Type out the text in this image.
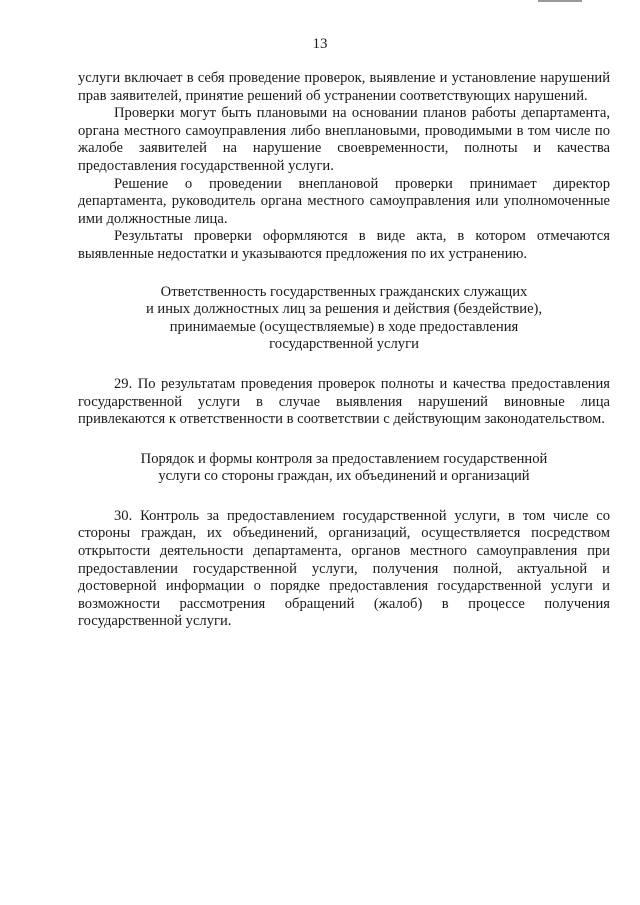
13

услуги включает в себя проведение проверок, выявление и установление нарушений прав заявителей, принятие решений об устранении соответствующих нарушений.

Проверки могут быть плановыми на основании планов работы департамента, органа местного самоуправления либо внеплановыми, проводимыми в том числе по жалобе заявителей на нарушение своевременности, полноты и качества предоставления государственной услуги.

Решение о проведении внеплановой проверки принимает директор департамента, руководитель органа местного самоуправления или уполномоченные ими должностные лица.

Результаты проверки оформляются в виде акта, в котором отмечаются выявленные недостатки и указываются предложения по их устранению.

Ответственность государственных гражданских служащих

и иных должностных лиц за решения и действия (бездействие),

принимаемые (осуществляемые) в ходе предоставления

государственной услуги

29. По результатам проведения проверок полноты и качества предоставления государственной услуги в случае выявления нарушений виновные лица привлекаются к ответственности в соответствии с действующим законодательством.

Порядок и формы контроля за предоставлением государственной

услуги со стороны граждан, их объединений и организаций

30. Контроль за предоставлением государственной услуги, в том числе со стороны граждан, их объединений, организаций, осуществляется посредством открытости деятельности департамента, органов местного самоуправления при предоставлении государственной услуги, получения полной, актуальной и достоверной информации о порядке предоставления государственной услуги и возможности рассмотрения обращений (жалоб) в процессе получения государственной услуги.
